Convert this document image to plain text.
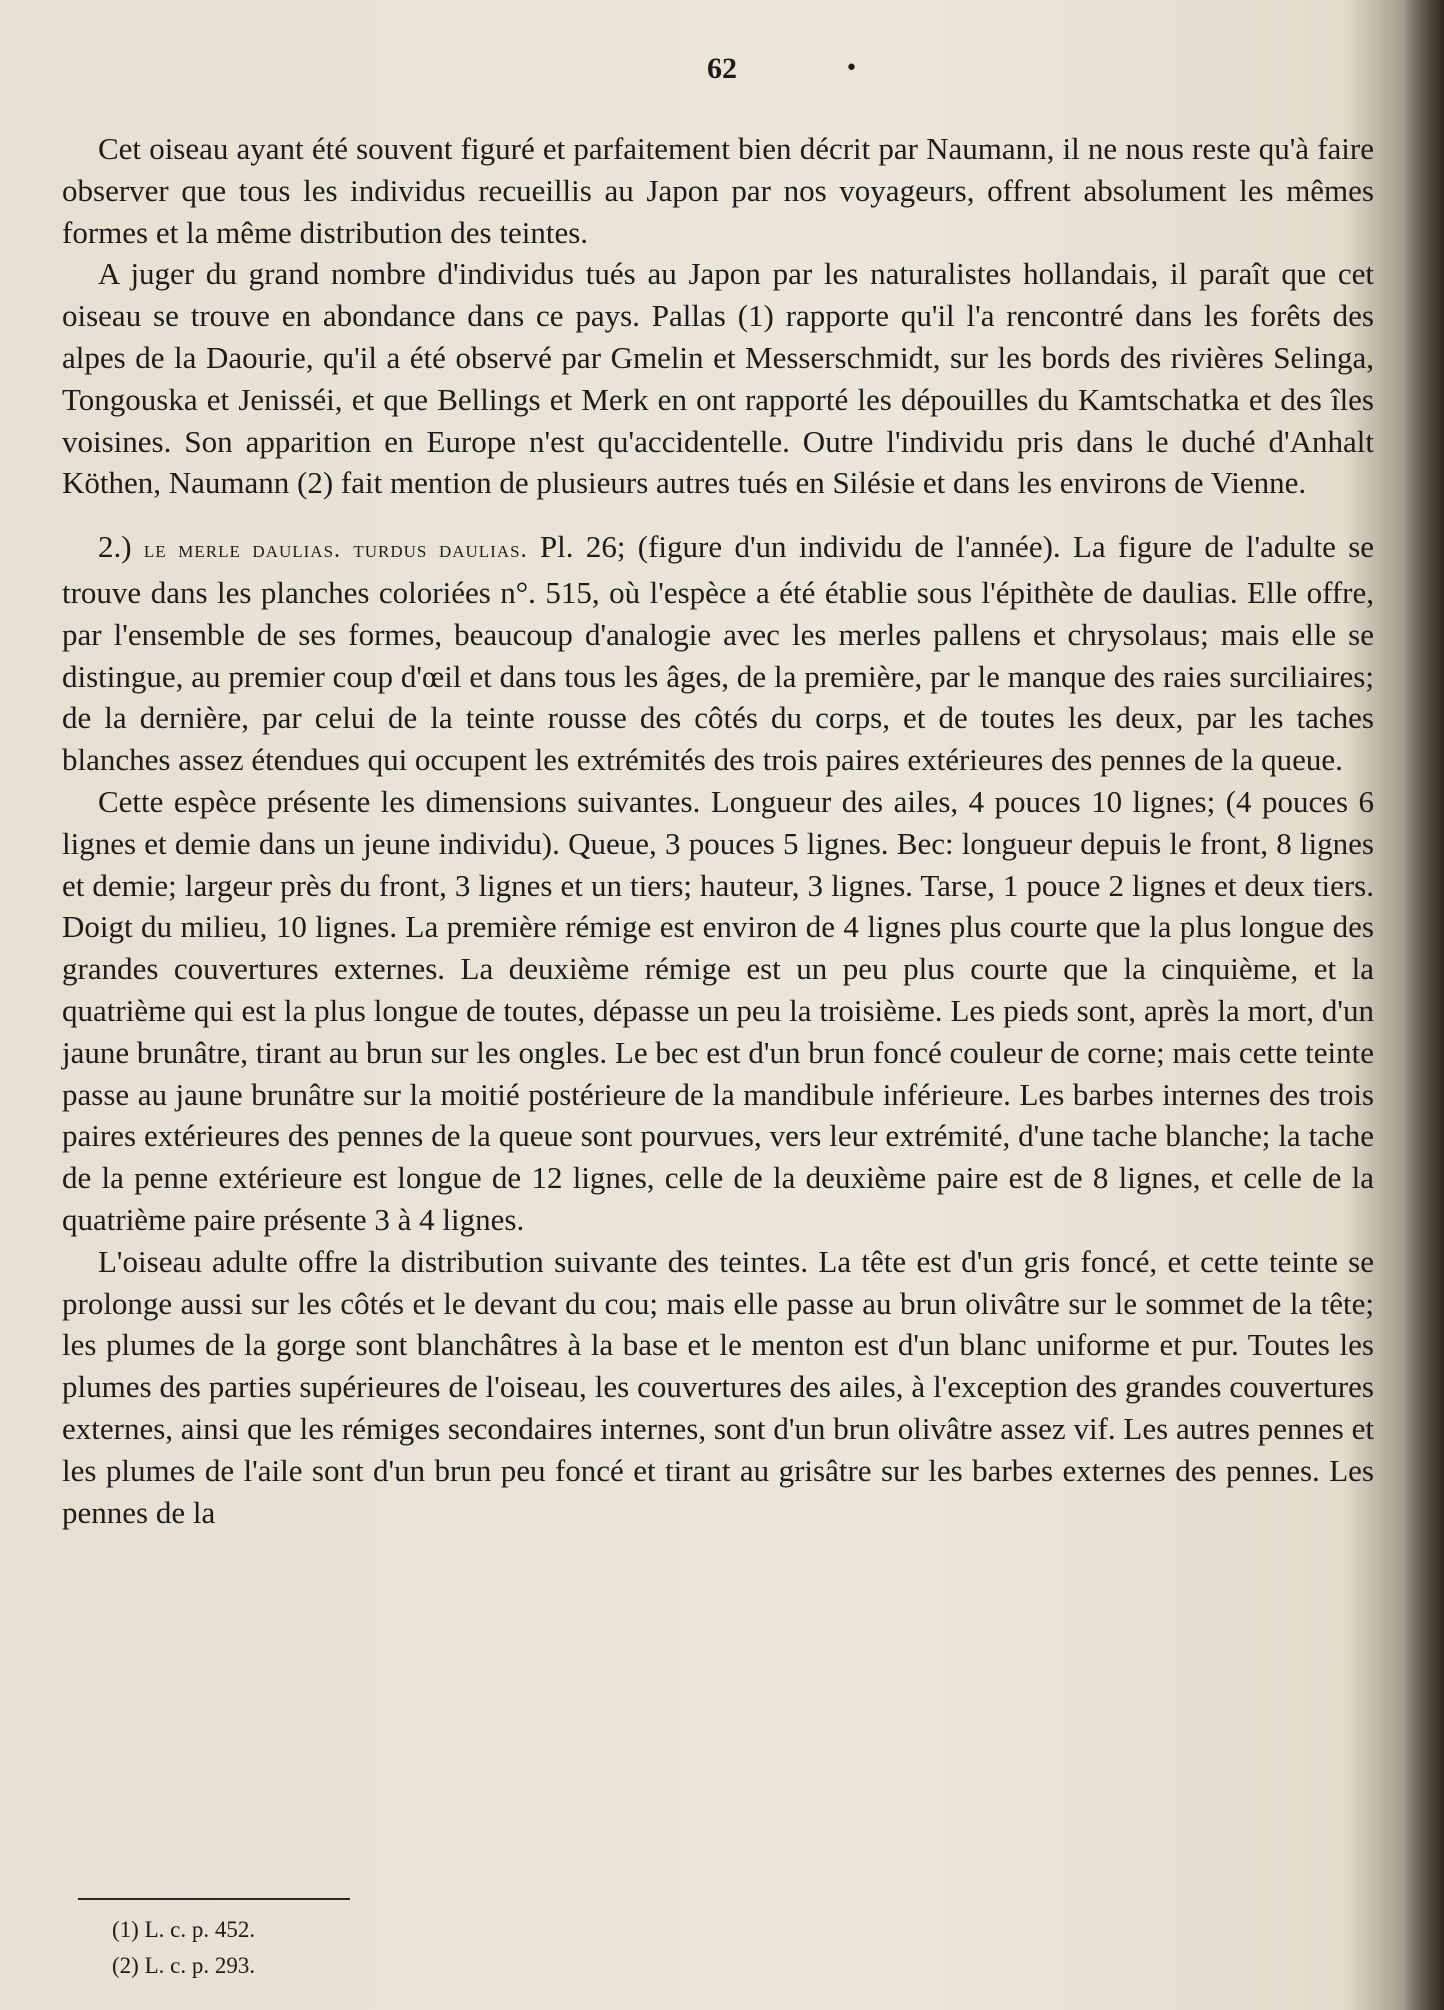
62	•

Cet oiseau ayant été souvent figuré et parfaitement bien décrit par Naumann, il ne nous reste qu'à faire observer que tous les individus recueillis au Japon par nos voyageurs, offrent absolument les mêmes formes et la même distribution des teintes.

A juger du grand nombre d'individus tués au Japon par les naturalistes hollandais, il paraît que cet oiseau se trouve en abondance dans ce pays. Pallas (1) rapporte qu'il l'a rencontré dans les forêts des alpes de la Daourie, qu'il a été observé par Gmelin et Messerschmidt, sur les bords des rivières Selinga, Tongouska et Jenisséi, et que Bellings et Merk en ont rapporté les dépouilles du Kamtschatka et des îles voisines. Son apparition en Europe n'est qu'accidentelle. Outre l'individu pris dans le duché d'Anhalt Köthen, Naumann (2) fait mention de plusieurs autres tués en Silésie et dans les environs de Vienne.

2.) le merle daulias. turdus daulias. Pl. 26; (figure d'un individu de l'année). La figure de l'adulte se trouve dans les planches coloriées n°. 515, où l'espèce a été établie sous l'épithète de daulias. Elle offre, par l'ensemble de ses formes, beaucoup d'analogie avec les merles pallens et chrysolaus; mais elle se distingue, au premier coup d'œil et dans tous les âges, de la première, par le manque des raies surciliaires; de la dernière, par celui de la teinte rousse des côtés du corps, et de toutes les deux, par les taches blanches assez étendues qui occupent les extrémités des trois paires extérieures des pennes de la queue.

Cette espèce présente les dimensions suivantes. Longueur des ailes, 4 pouces 10 lignes; (4 pouces 6 lignes et demie dans un jeune individu). Queue, 3 pouces 5 lignes. Bec: longueur depuis le front, 8 lignes et demie; largeur près du front, 3 lignes et un tiers; hauteur, 3 lignes. Tarse, 1 pouce 2 lignes et deux tiers. Doigt du milieu, 10 lignes. La première rémige est environ de 4 lignes plus courte que la plus longue des grandes couvertures externes. La deuxième rémige est un peu plus courte que la cinquième, et la quatrième qui est la plus longue de toutes, dépasse un peu la troisième. Les pieds sont, après la mort, d'un jaune brunâtre, tirant au brun sur les ongles. Le bec est d'un brun foncé couleur de corne; mais cette teinte passe au jaune brunâtre sur la moitié postérieure de la mandibule inférieure. Les barbes internes des trois paires extérieures des pennes de la queue sont pourvues, vers leur extrémité, d'une tache blanche; la tache de la penne extérieure est longue de 12 lignes, celle de la deuxième paire est de 8 lignes, et celle de la quatrième paire présente 3 à 4 lignes.

L'oiseau adulte offre la distribution suivante des teintes. La tête est d'un gris foncé, et cette teinte se prolonge aussi sur les côtés et le devant du cou; mais elle passe au brun olivâtre sur le sommet de la tête; les plumes de la gorge sont blanchâtres à la base et le menton est d'un blanc uniforme et pur. Toutes les plumes des parties supérieures de l'oiseau, les couvertures des ailes, à l'exception des grandes couvertures externes, ainsi que les rémiges secondaires internes, sont d'un brun olivâtre assez vif. Les autres pennes et les plumes de l'aile sont d'un brun peu foncé et tirant au grisâtre sur les barbes externes des pennes. Les pennes de la

(1) L. c. p. 452.
(2) L. c. p. 293.
